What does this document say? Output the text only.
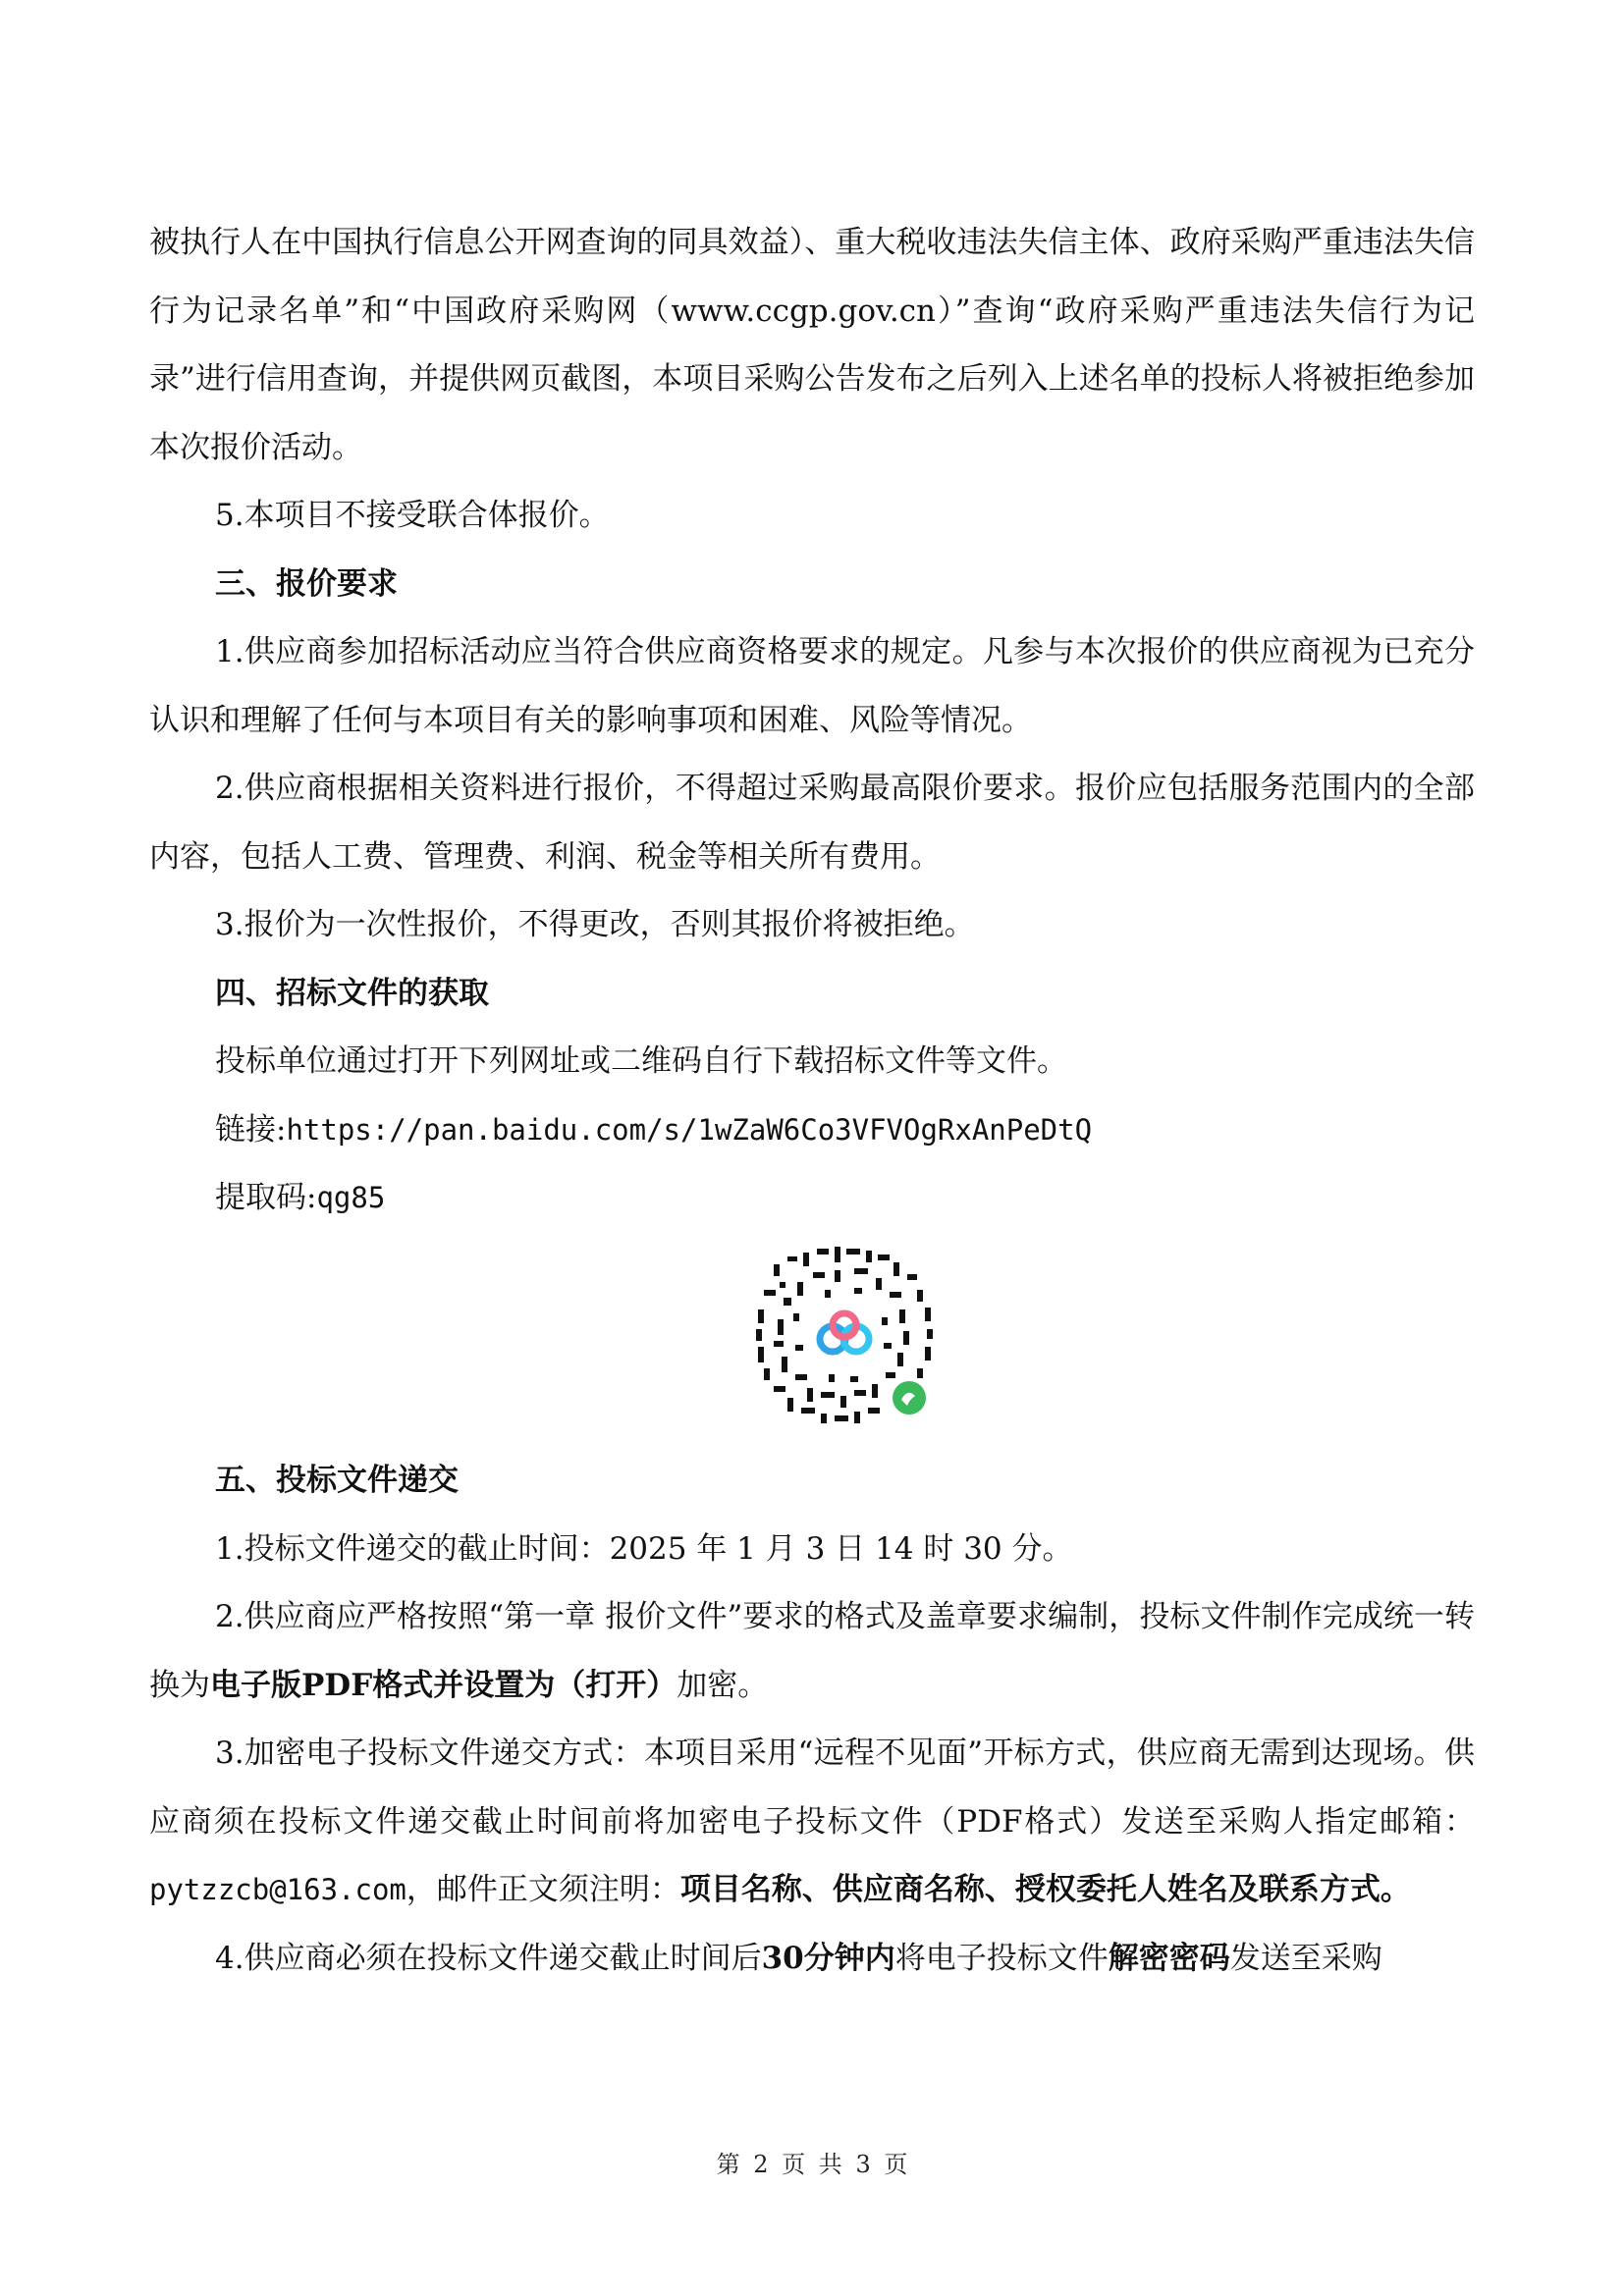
被执行人在中国执行信息公开网查询的同具效益）、重大税收违法失信主体、政府采购严重违法失信行为记录名单”和“中国政府采购网（www.ccgp.gov.cn）”查询“政府采购严重违法失信行为记录”进行信用查询，并提供网页截图，本项目采购公告发布之后列入上述名单的投标人将被拒绝参加本次报价活动。

5.本项目不接受联合体报价。

三、报价要求

1.供应商参加招标活动应当符合供应商资格要求的规定。凡参与本次报价的供应商视为已充分认识和理解了任何与本项目有关的影响事项和困难、风险等情况。

2.供应商根据相关资料进行报价，不得超过采购最高限价要求。报价应包括服务范围内的全部内容，包括人工费、管理费、利润、税金等相关所有费用。

3.报价为一次性报价，不得更改，否则其报价将被拒绝。

四、招标文件的获取

投标单位通过打开下列网址或二维码自行下载招标文件等文件。

链接:https://pan.baidu.com/s/1wZaW6Co3VFVOgRxAnPeDtQ

提取码:qg85

五、投标文件递交

1.投标文件递交的截止时间：2025 年 1 月 3 日 14 时 30 分。

2.供应商应严格按照“第一章 报价文件”要求的格式及盖章要求编制，投标文件制作完成统一转换为电子版PDF格式并设置为（打开）加密。

3.加密电子投标文件递交方式：本项目采用“远程不见面”开标方式，供应商无需到达现场。供应商须在投标文件递交截止时间前将加密电子投标文件（PDF格式）发送至采购人指定邮箱：pytzzcb@163.com，邮件正文须注明：项目名称、供应商名称、授权委托人姓名及联系方式。

4.供应商必须在投标文件递交截止时间后30分钟内将电子投标文件解密密码发送至采购

第 2 页 共 3 页
